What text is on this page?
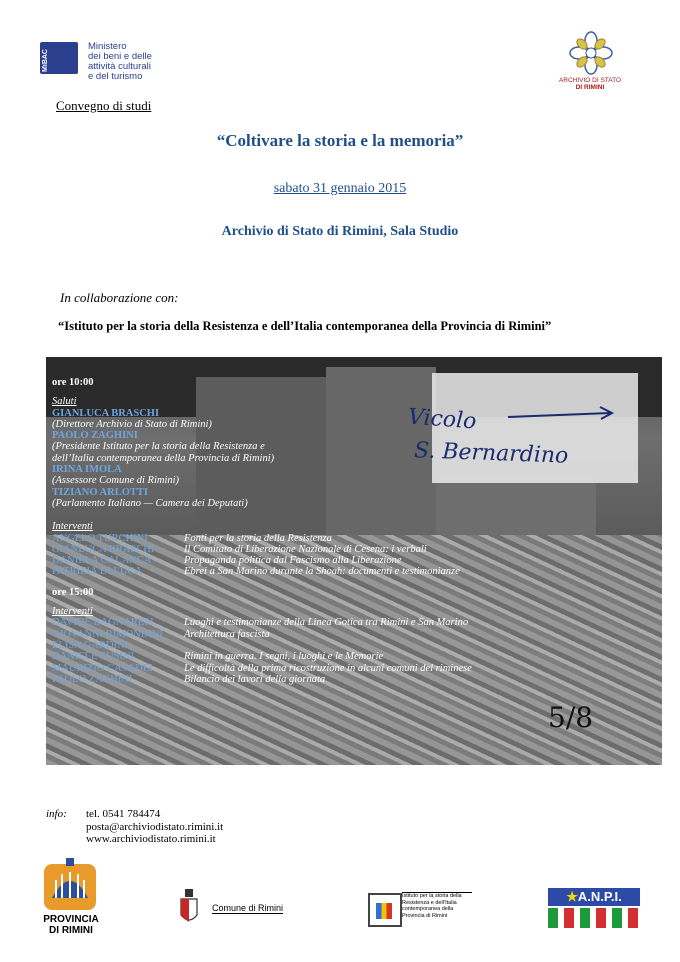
MiBAC
Ministero
dei beni e delle
attività culturali
e del turismo	ARCHIVIO DI STATO
DI RIMINI
Convegno di studi
“Coltivare la storia e la memoria”
sabato 31 gennaio 2015
Archivio di Stato di Rimini, Sala Studio
In collaborazione con:
“Istituto per la storia della Resistenza e dell’Italia contemporanea della Provincia di Rimini”
Vicolo
S. Bernardino
5/8
ore 10:00
Saluti
GIANLUCA BRASCHI
(Direttore Archivio di Stato di Rimini)
PAOLO ZAGHINI
(Presidente Istituto per la storia della Resistenza e dell’Italia contemporanea della Provincia di Rimini)
IRINA IMOLA
(Assessore Comune di Rimini)
TIZIANO ARLOTTI
(Parlamento Italiano — Camera dei Deputati)
Interventi
ANGELO TURCHINI	Fonti per la storia della Resistenza
GIANLUCA BRASCHI	Il Comitato di Liberazione Nazionale di Cesena: i verbali
DANIELA CALANCA	Propaganda politica dal Fascismo alla Liberazione
PATRIZIA DI LUCA	Ebrei a San Marino durante la Shoah: documenti e testimonianze
ore 15:00
Interventi
DAVIDE BAGNARESI	Luoghi e testimonianze della Linea Gotica tra Rimini e San Marino
GIOVANNI RIMONDINI	Architettura fascista
ELISA GARDINI
DANIELE SUSINI	Rimini in guerra. I segni, i luoghi e le Memorie
MAURIZIO CASADEI	Le difficoltà della prima ricostruzione in alcuni comuni del riminese
PAOLO ZAGHINI	Bilancio dei lavori della giornata
info: tel. 0541 784474
posta@archiviodistato.rimini.it
www.archiviodistato.rimini.it
PROVINCIA
DI RIMINI
Comune di Rimini
Istituto per la storia della
Resistenza e dell’Italia
contemporanea della
Provincia di Rimini
★A.N.P.I.
